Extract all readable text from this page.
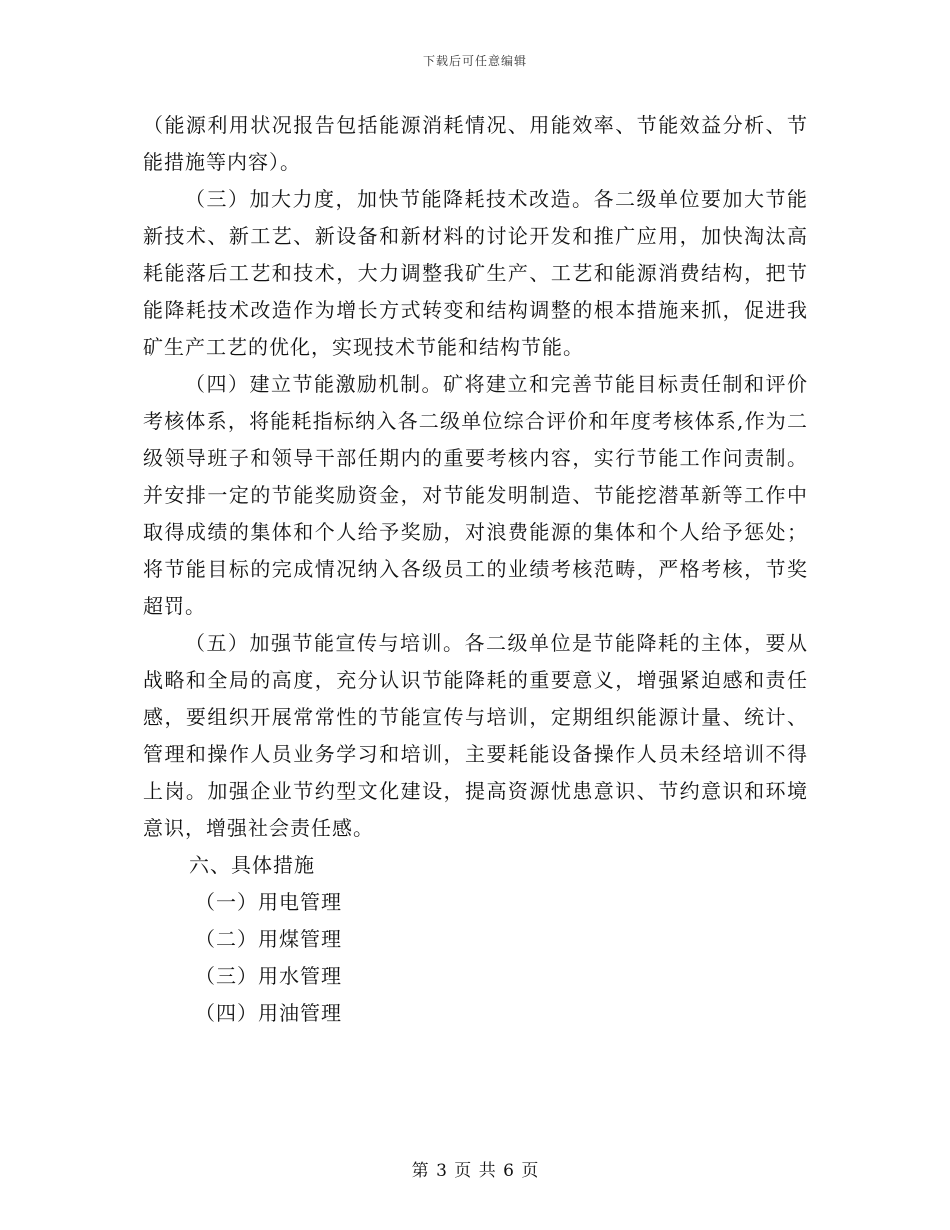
下载后可任意编辑

（能源利用状况报告包括能源消耗情况、用能效率、节能效益分析、节能措施等内容）。

（三）加大力度，加快节能降耗技术改造。各二级单位要加大节能新技术、新工艺、新设备和新材料的讨论开发和推广应用，加快淘汰高耗能落后工艺和技术，大力调整我矿生产、工艺和能源消费结构，把节能降耗技术改造作为增长方式转变和结构调整的根本措施来抓，促进我矿生产工艺的优化，实现技术节能和结构节能。

（四）建立节能激励机制。矿将建立和完善节能目标责任制和评价考核体系，将能耗指标纳入各二级单位综合评价和年度考核体系,作为二级领导班子和领导干部任期内的重要考核内容，实行节能工作问责制。并安排一定的节能奖励资金，对节能发明制造、节能挖潜革新等工作中取得成绩的集体和个人给予奖励，对浪费能源的集体和个人给予惩处；将节能目标的完成情况纳入各级员工的业绩考核范畴，严格考核，节奖超罚。

（五）加强节能宣传与培训。各二级单位是节能降耗的主体，要从战略和全局的高度，充分认识节能降耗的重要意义，增强紧迫感和责任感，要组织开展常常性的节能宣传与培训，定期组织能源计量、统计、管理和操作人员业务学习和培训，主要耗能设备操作人员未经培训不得上岗。加强企业节约型文化建设，提高资源忧患意识、节约意识和环境意识，增强社会责任感。

六、具体措施

（一）用电管理

（二）用煤管理

（三）用水管理

（四）用油管理

第 3 页 共 6 页
